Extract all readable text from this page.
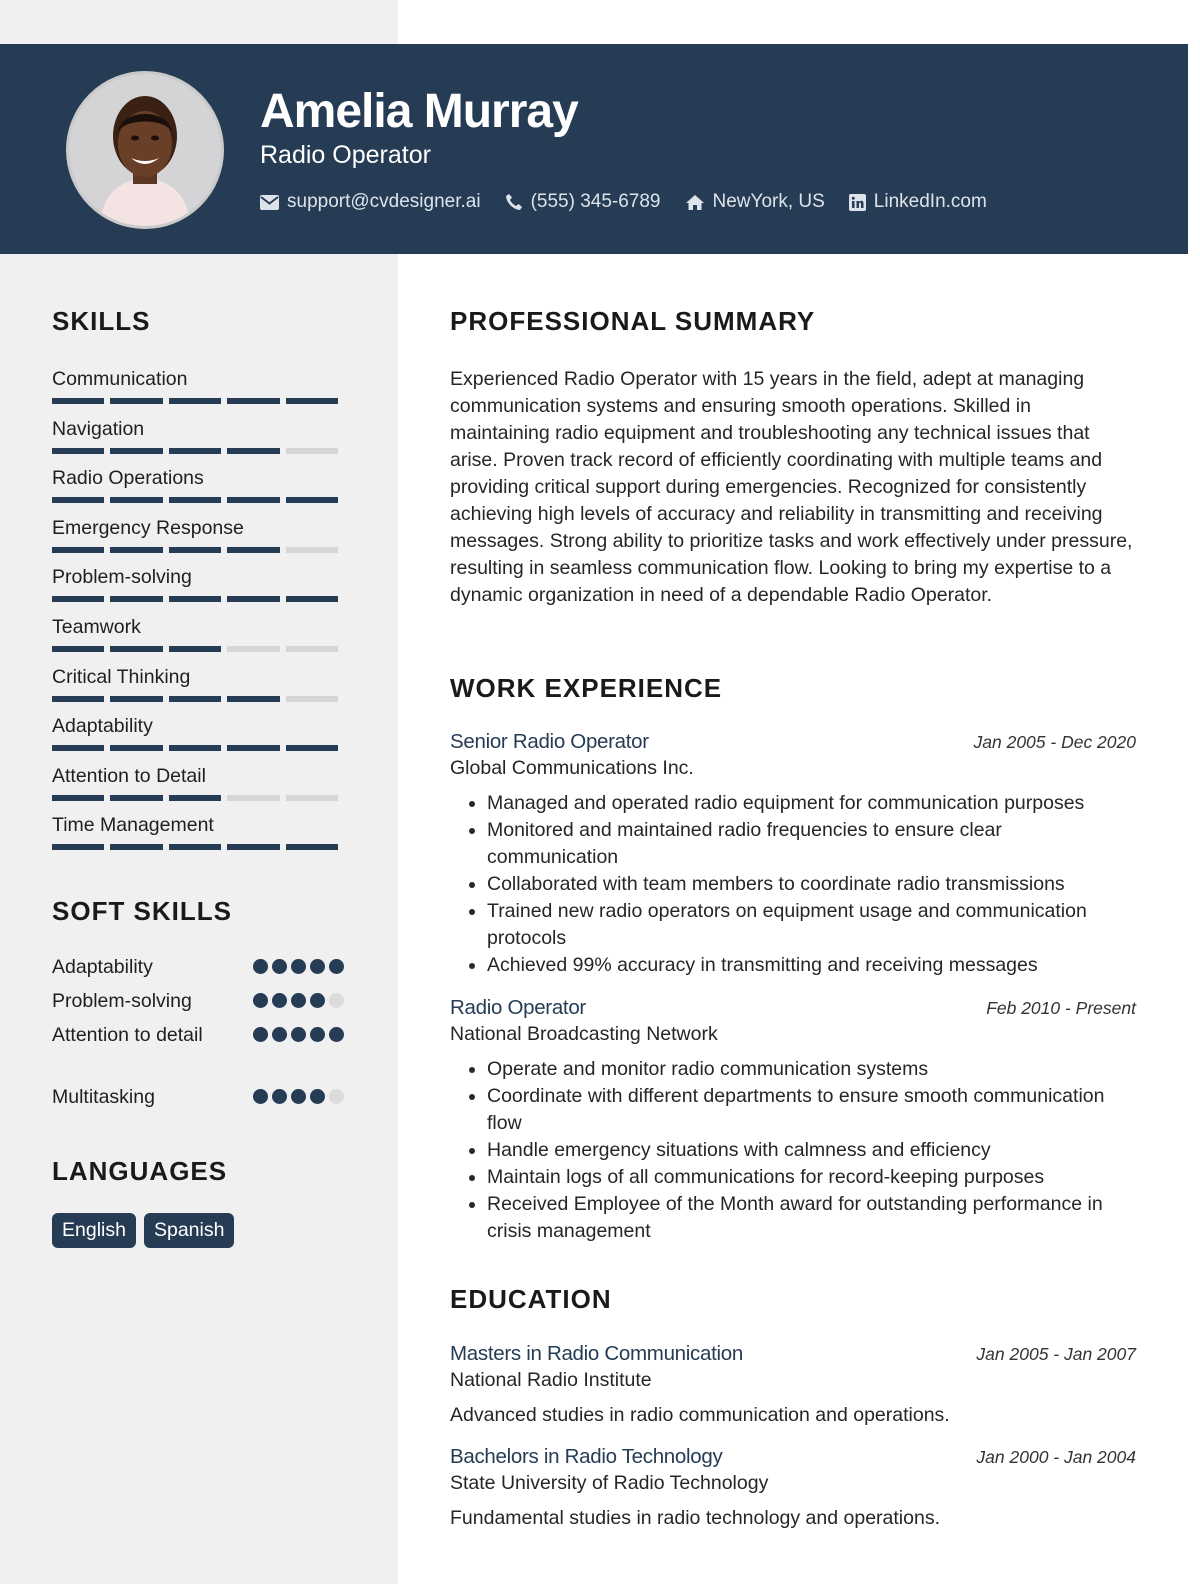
Amelia Murray
Radio Operator
support@cvdesigner.ai	(555) 345-6789	NewYork, US	LinkedIn.com
SKILLS
Communication
Navigation
Radio Operations
Emergency Response
Problem-solving
Teamwork
Critical Thinking
Adaptability
Attention to Detail
Time Management
SOFT SKILLS
Adaptability
Problem-solving
Attention to detail
Multitasking
LANGUAGES
English	Spanish
PROFESSIONAL SUMMARY
Experienced Radio Operator with 15 years in the field, adept at managing communication systems and ensuring smooth operations. Skilled in maintaining radio equipment and troubleshooting any technical issues that arise. Proven track record of efficiently coordinating with multiple teams and providing critical support during emergencies. Recognized for consistently achieving high levels of accuracy and reliability in transmitting and receiving messages. Strong ability to prioritize tasks and work effectively under pressure, resulting in seamless communication flow. Looking to bring my expertise to a dynamic organization in need of a dependable Radio Operator.
WORK EXPERIENCE
Senior Radio Operator	Jan 2005 - Dec 2020
Global Communications Inc.
• Managed and operated radio equipment for communication purposes
• Monitored and maintained radio frequencies to ensure clear communication
• Collaborated with team members to coordinate radio transmissions
• Trained new radio operators on equipment usage and communication protocols
• Achieved 99% accuracy in transmitting and receiving messages
Radio Operator	Feb 2010 - Present
National Broadcasting Network
• Operate and monitor radio communication systems
• Coordinate with different departments to ensure smooth communication flow
• Handle emergency situations with calmness and efficiency
• Maintain logs of all communications for record-keeping purposes
• Received Employee of the Month award for outstanding performance in crisis management
EDUCATION
Masters in Radio Communication	Jan 2005 - Jan 2007
National Radio Institute
Advanced studies in radio communication and operations.
Bachelors in Radio Technology	Jan 2000 - Jan 2004
State University of Radio Technology
Fundamental studies in radio technology and operations.
